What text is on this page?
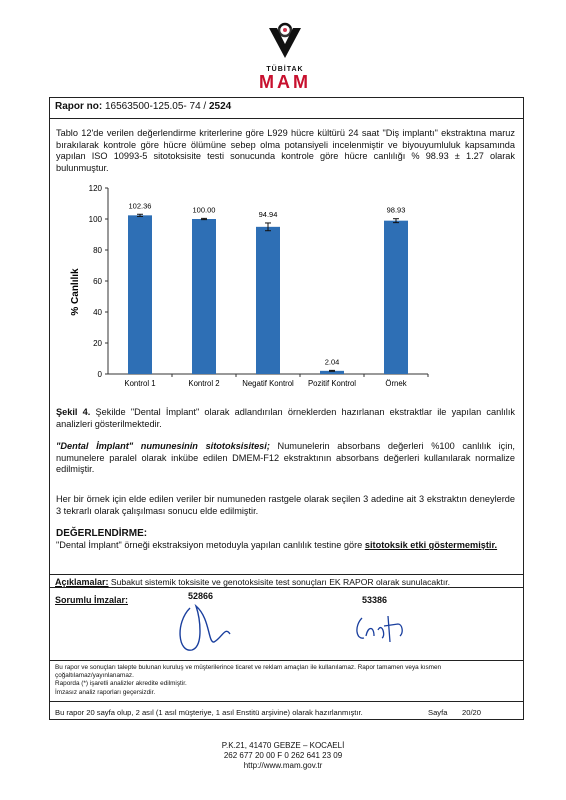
TÜBİTAK
MAM
Rapor no: 16563500-125.05- 74 / 2524
Tablo 12'de verilen değerlendirme kriterlerine göre L929 hücre kültürü 24 saat "Diş implantı" ekstraktına maruz bırakılarak kontrole göre hücre ölümüne sebep olma potansiyeli incelenmiştir ve biyouyumluluk kapsamında yapılan ISO 10993-5 sitotoksisite testi sonucunda kontrole göre hücre canlılığı % 98.93 ± 1.27 olarak bulunmuştur.
% Canlılık
0
20
40
60
80
100
120
102.36
Kontrol 1
100.00
Kontrol 2
94.94
Negatif Kontrol
2.04
Pozitif Kontrol
98.93
Örnek
Şekil 4. Şekilde "Dental İmplant" olarak adlandırılan örneklerden hazırlanan ekstraktlar ile yapılan canlılık analizleri gösterilmektedir.
"Dental İmplant" numunesinin sitotoksisitesi; Numunelerin absorbans değerleri %100 canlılık için, numunelere paralel olarak inkübe edilen DMEM-F12 ekstraktının absorbans değerleri kullanılarak normalize edilmiştir.
Her bir örnek için elde edilen veriler bir numuneden rastgele olarak seçilen 3 adedine ait 3 ekstraktın deneylerde 3 tekrarlı olarak çalışılması sonucu elde edilmiştir.
DEĞERLENDİRME:
"Dental İmplant" örneği ekstraksiyon metoduyla yapılan canlılık testine göre sitotoksik etki göstermemiştir.
Açıklamalar: Subakut sistemik toksisite ve genotoksisite test sonuçları EK RAPOR olarak sunulacaktır.
Sorumlu İmzalar:	52866	53386
Bu rapor ve sonuçları talepte bulunan kuruluş ve müşterilerince ticaret ve reklam amaçları ile kullanılamaz. Rapor tamamen veya kısmen çoğaltılamaz/yayınlanamaz.
Raporda (*) işaretli analizler akredite edilmiştir.
İmzasız analiz raporları geçersizdir.
Bu rapor 20 sayfa olup, 2 asıl (1 asıl müşteriye, 1 asıl Enstitü arşivine) olarak hazırlanmıştır.	Sayfa 20/20
P.K.21, 41470 GEBZE – KOCAELİ
262 677 20 00 F 0 262 641 23 09
http://www.mam.gov.tr
